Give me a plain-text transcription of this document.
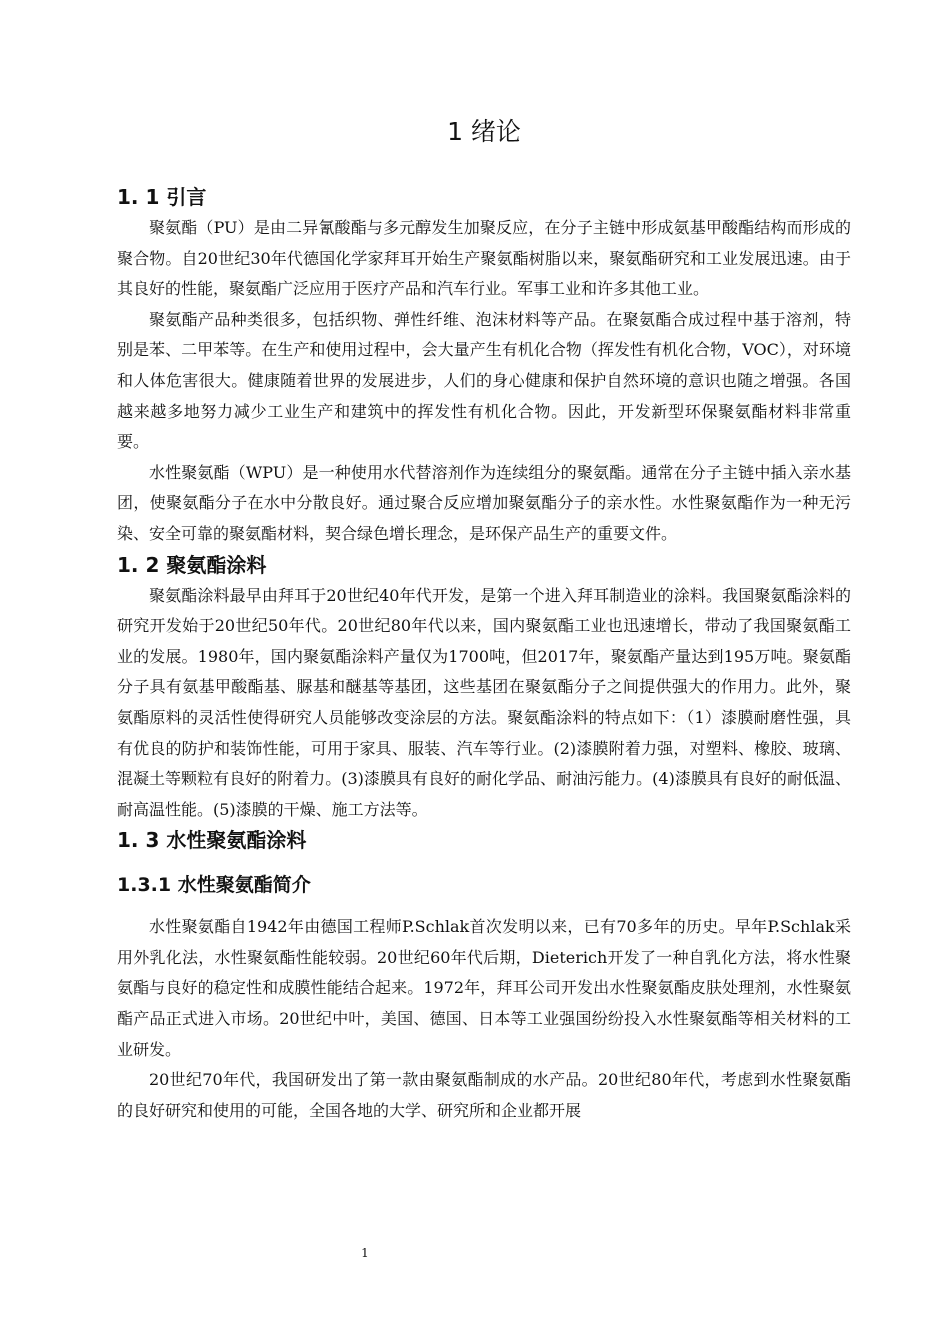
1 绪论
1. 1 引言

聚氨酯（PU）是由二异氰酸酯与多元醇发生加聚反应，在分子主链中形成氨基甲酸酯结构而形成的聚合物。自20世纪30年代德国化学家拜耳开始生产聚氨酯树脂以来，聚氨酯研究和工业发展迅速。由于其良好的性能，聚氨酯广泛应用于医疗产品和汽车行业。军事工业和许多其他工业。

聚氨酯产品种类很多，包括织物、弹性纤维、泡沫材料等产品。在聚氨酯合成过程中基于溶剂，特别是苯、二甲苯等。在生产和使用过程中，会大量产生有机化合物（挥发性有机化合物，VOC），对环境和人体危害很大。健康随着世界的发展进步，人们的身心健康和保护自然环境的意识也随之增强。各国越来越多地努力减少工业生产和建筑中的挥发性有机化合物。因此，开发新型环保聚氨酯材料非常重要。

水性聚氨酯（WPU）是一种使用水代替溶剂作为连续组分的聚氨酯。通常在分子主链中插入亲水基团，使聚氨酯分子在水中分散良好。通过聚合反应增加聚氨酯分子的亲水性。水性聚氨酯作为一种无污染、安全可靠的聚氨酯材料，契合绿色增长理念，是环保产品生产的重要文件。

1. 2 聚氨酯涂料

聚氨酯涂料最早由拜耳于20世纪40年代开发，是第一个进入拜耳制造业的涂料。我国聚氨酯涂料的研究开发始于20世纪50年代。20世纪80年代以来，国内聚氨酯工业也迅速增长，带动了我国聚氨酯工业的发展。1980年，国内聚氨酯涂料产量仅为1700吨，但2017年，聚氨酯产量达到195万吨。聚氨酯分子具有氨基甲酸酯基、脲基和醚基等基团，这些基团在聚氨酯分子之间提供强大的作用力。此外，聚氨酯原料的灵活性使得研究人员能够改变涂层的方法。聚氨酯涂料的特点如下：（1）漆膜耐磨性强，具有优良的防护和装饰性能，可用于家具、服装、汽车等行业。(2)漆膜附着力强，对塑料、橡胶、玻璃、混凝土等颗粒有良好的附着力。(3)漆膜具有良好的耐化学品、耐油污能力。(4)漆膜具有良好的耐低温、耐高温性能。(5)漆膜的干燥、施工方法等。

1. 3 水性聚氨酯涂料
1.3.1 水性聚氨酯简介

水性聚氨酯自1942年由德国工程师P.Schlak首次发明以来，已有70多年的历史。早年P.Schlak采用外乳化法，水性聚氨酯性能较弱。20世纪60年代后期，Dieterich开发了一种自乳化方法，将水性聚氨酯与良好的稳定性和成膜性能结合起来。1972年，拜耳公司开发出水性聚氨酯皮肤处理剂，水性聚氨酯产品正式进入市场。20世纪中叶，美国、德国、日本等工业强国纷纷投入水性聚氨酯等相关材料的工业研发。

20世纪70年代，我国研发出了第一款由聚氨酯制成的水产品。20世纪80年代，考虑到水性聚氨酯的良好研究和使用的可能，全国各地的大学、研究所和企业都开展

1
